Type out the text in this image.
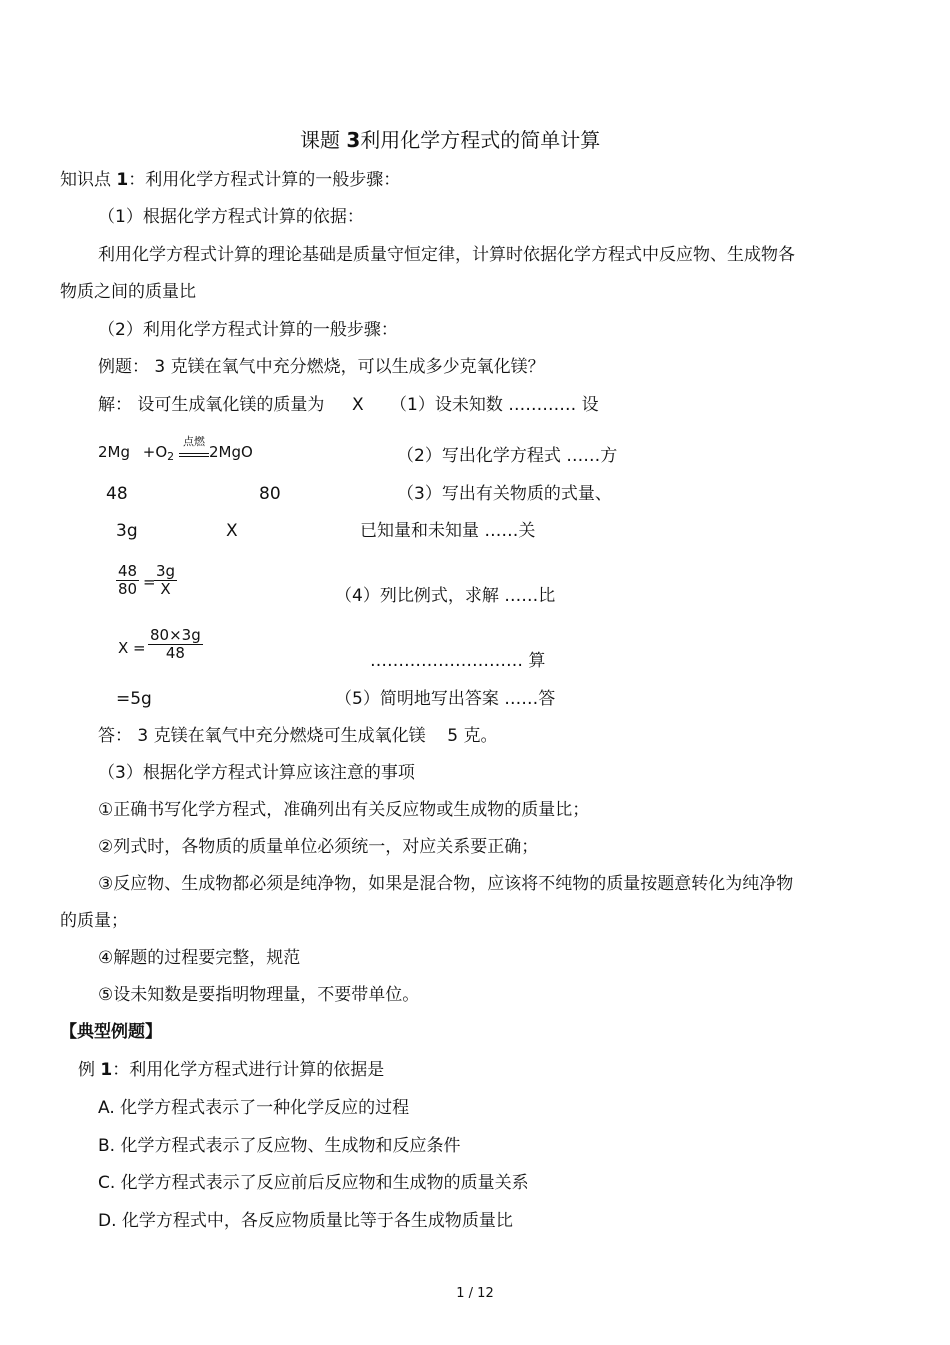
课题 3利用化学方程式的简单计算
知识点 1：利用化学方程式计算的一般步骤：
（1）根据化学方程式计算的依据：
利用化学方程式计算的理论基础是质量守恒定律，计算时依据化学方程式中反应物、生成物各
物质之间的质量比
（2）利用化学方程式计算的一般步骤：
例题： 3 克镁在氧气中充分燃烧，可以生成多少克氧化镁？
解： 设可生成氧化镁的质量为 X （1）设未知数 ………… 设
$2Mg +O_2$
点燃
2MgO	（2）写出化学方程式 ……方
48	80	（3）写出有关物质的式量、
3g	X	已知量和未知量 ……关
$\frac{48}{80}$ =
$\frac{3g}{X}$	（4）列比例式，求解 ……比
$X = \frac{80\times 3g}{48}$	……………………… 算
=5g	（5）简明地写出答案 ……答
答： 3 克镁在氧气中充分燃烧可生成氧化镁    5 克。
（3）根据化学方程式计算应该注意的事项
①正确书写化学方程式，准确列出有关反应物或生成物的质量比；
②列式时，各物质的质量单位必须统一，对应关系要正确；
③反应物、生成物都必须是纯净物，如果是混合物，应该将不纯物的质量按题意转化为纯净物
的质量；
④解题的过程要完整，规范
⑤设未知数是要指明物理量，不要带单位。
【典型例题】
例 1：利用化学方程式进行计算的依据是
A. 化学方程式表示了一种化学反应的过程
B. 化学方程式表示了反应物、生成物和反应条件
C. 化学方程式表示了反应前后反应物和生成物的质量关系
D. 化学方程式中，各反应物质量比等于各生成物质量比
1 / 12
